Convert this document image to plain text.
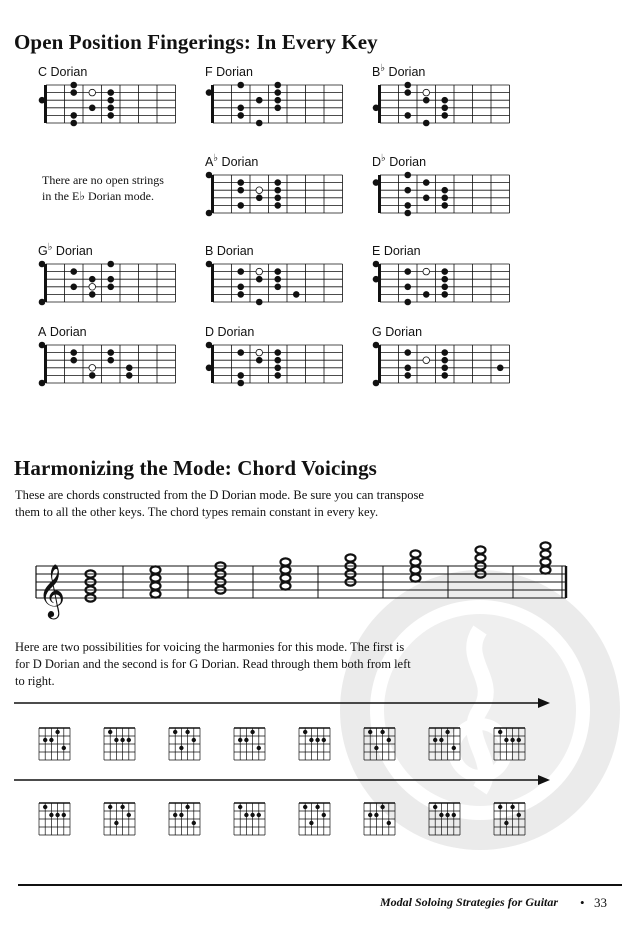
Open Position Fingerings: In Every Key
There are no open strings
in the E♭ Dorian mode.
C Dorian	F Dorian	B♭ Dorian
A♭ Dorian	D♭ Dorian
G♭ Dorian	B Dorian	E Dorian
A Dorian	D Dorian	G Dorian
Harmonizing the Mode: Chord Voicings
These are chords constructed from the D Dorian mode. Be sure you can transpose
them to all the other keys. The chord types remain constant in every key.
𝄞
Here are two possibilities for voicing the harmonies for this mode. The first is
for D Dorian and the second is for G Dorian. Read through them both from left
to right.
Modal Soloing Strategies for Guitar • 33
